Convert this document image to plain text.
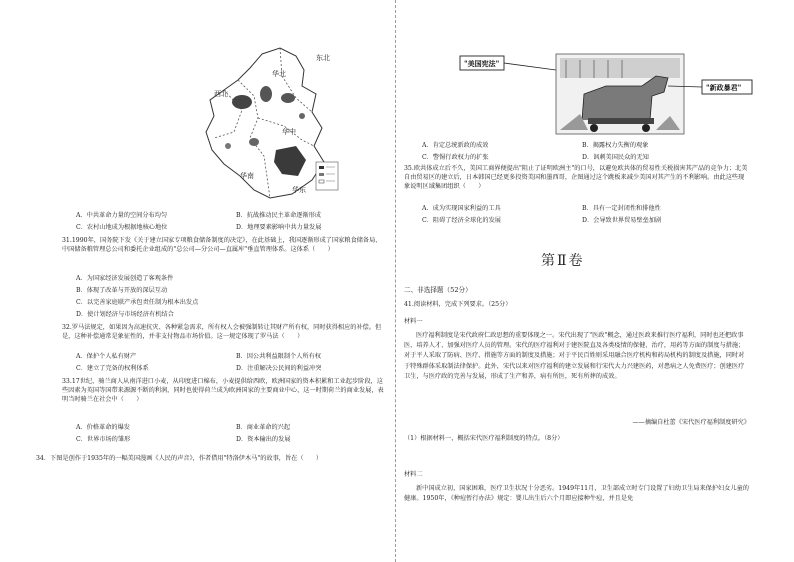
东北
华北
西北
华中
华南
华东
A．中共革命力量的空间分布均匀	B．抗战推动民主革命逐渐形成
C．农村山地成为根据地核心地位	D．地理要素影响中共力量发展
31.1990年，国务院下发《关于建立国家专项粮食储备制度的决定》，在此基础上，我国逐渐形成了国家粮食储备局、中国储备粮管理总公司和委托企业组成的"总公司—分公司—直属库"垂直管理体系。这体系（　　）
A．为国家经济发展创造了客观条件
B．体现了改革与开放的深层互动
C．以完善家庭联产承包责任制为根本出发点
D．使计划经济与市场经济有机结合
32.罗马法规定，如果因为高速抗灾、各种紧急需求，所有权人会被强制转让其财产所有权，同时获得相应的补偿。但是，这种补偿通常是象征性的，并非支付物品市场价值。这一规定体现了罗马法（　　）
A．保护个人私有财产	B．因公共利益限制个人所有权
C．建立了完备的权利体系	D．注重解决公民间的利益冲突
33.17世纪，骑兰商人从南洋进口小麦，从印度进口棉布，小麦提供给西欧，欧洲国家的资本积累和工业起步阶段，这些因素为英国等国带来源源不断的利润，同时也使得荷兰成为欧洲国家的主要商业中心，这一时期荷兰的商业发展，表明当时骑兰在社会中（　　）
A．价格革命的爆发	B．商业革命的兴起
C．世界市场的雏形	D．资本输出的发展
34．下图是创作于1935年的一幅美国漫画《人民的声音》，作者借用"特洛伊木马"的故事，旨在（　　）
"美国宪法"
"新政暴君"
A．肯定总统新政的成效	B．揭露权力失衡的观象
C．警惕行政权力的扩张	D．讽刺美国民众的无知
35.欧共体成立后不久，美国工商界便提出"阻止了证明欧洲主"的口号，以避免欧共体的贸易性关税损害其产品的竞争力；北美自由贸易区的建立后，日本韩国已经更多投资美国和墨西哥，企图通过这个跳板来减少美国对其产生的不利影响。由此这些现象说明区域集团组织（　　）
A．成为实现国家利益的工具	B．具有一定封闭性和排他性
C．阻碍了经济全球化的发展	D．会导致世界贸易壁垒加剧
第Ⅱ卷
二、非选择题（52分）
41.阅读材料，完成下列要求。（25分）
材料一
医疗福利制度是宋代政府仁政思想的重要体现之一。宋代出现了"医政"概念，通过医政来推行医疗福利，同时也还把政事医、培养人才、加强对医疗人员的管理。宋代的医疗福利对于建医院直及各类疫情的保健、治疗，用药等方面的制度与措施；对于平人采取了防病、医疗、措施等方面的制度及措施；对于平民百姓则采用融合医疗机构和药局机构的制度及措施，同时对于特殊群体采取制法律保护。此外，宋代以来对医疗福利的建立发展和行宋代大力兴建医药，对患病之人免费医疗；创建医疗卫生，与医疗政的完善与发展，形成了生产和养，病有所医，死有所葬的成效。
——摘编自杜蕾《宋代医疗福利制度研究》
（1）根据材料一，概括宋代医疗福利制度的特点。（8分）
材料二
新中国成立初，国家困难，医疗卫生状况十分恶劣。1949年11月，卫生部成立时专门设置了妇幼卫生局来保护妇女儿童的健康。1950年，《种痘暂行办法》规定：婴儿出生后六个月即应接种牛痘，并且是免
